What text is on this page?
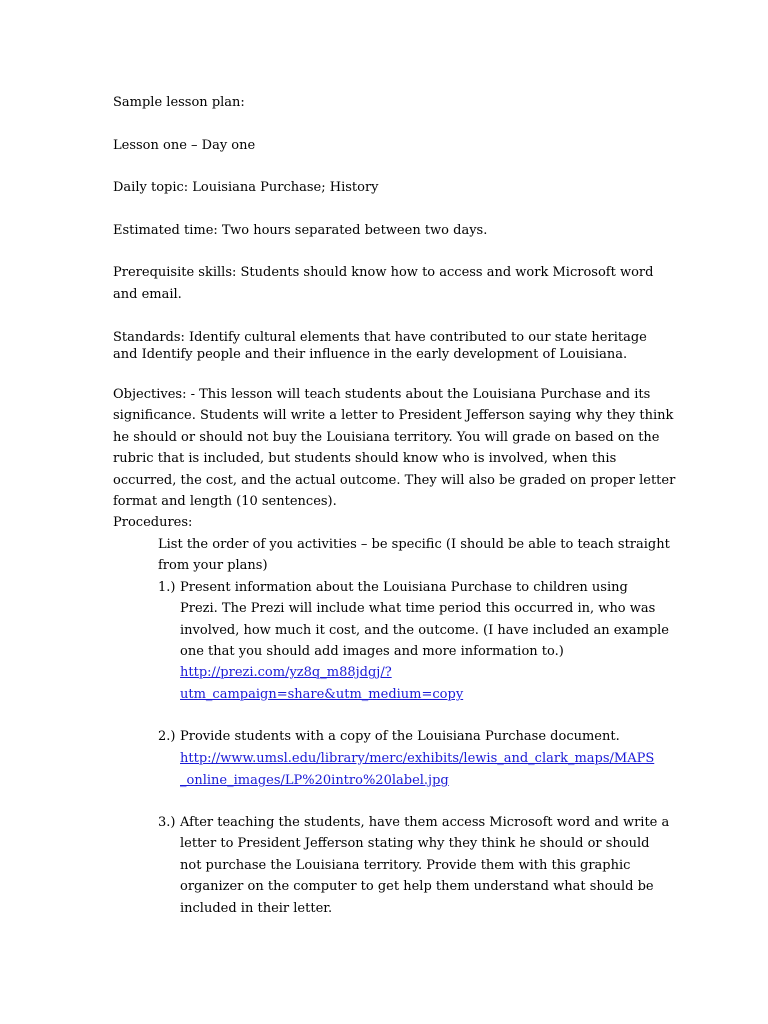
Sample lesson plan:

Lesson one – Day one

Daily topic: Louisiana Purchase; History

Estimated time: Two hours separated between two days.

Prerequisite skills: Students should know how to access and work Microsoft word

and email.

Standards: Identify cultural elements that have contributed to our state heritage

and Identify people and their influence in the early development of Louisiana.

Objectives: - This lesson will teach students about the Louisiana Purchase and its

significance. Students will write a letter to President Jefferson saying why they think

he should or should not buy the Louisiana territory. You will grade on based on the

rubric that is included, but students should know who is involved, when this

occurred, the cost, and the actual outcome. They will also be graded on proper letter

format and length (10 sentences).

Procedures:

List the order of you activities – be specific (I should be able to teach straight

from your plans)

1.) Present information about the Louisiana Purchase to children using

Prezi. The Prezi will include what time period this occurred in, who was

involved, how much it cost, and the outcome. (I have included an example

one that you should add images and more information to.)

http://prezi.com/yz8q_m88jdgj/?

utm_campaign=share&utm_medium=copy

2.) Provide students with a copy of the Louisiana Purchase document.

http://www.umsl.edu/library/merc/exhibits/lewis_and_clark_maps/MAPS

_online_images/LP%20intro%20label.jpg

3.) After teaching the students, have them access Microsoft word and write a

letter to President Jefferson stating why they think he should or should

not purchase the Louisiana territory. Provide them with this graphic

organizer on the computer to get help them understand what should be

included in their letter.
